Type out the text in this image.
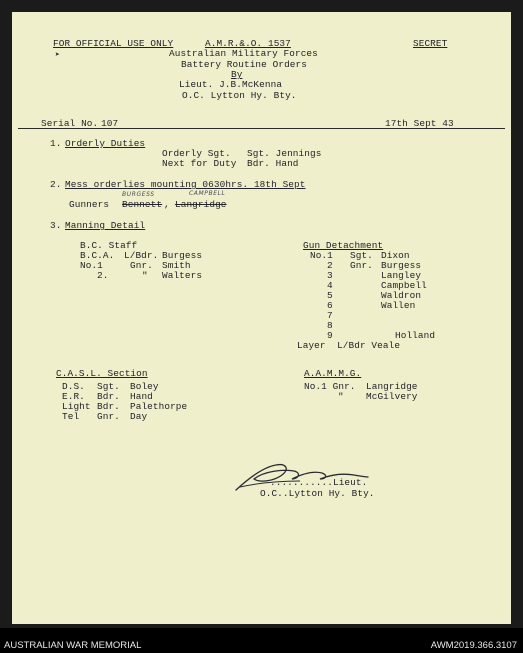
FOR OFFICIAL USE ONLY
➤
A.M.R.&.O. 1537	SECRET
Australian Military Forces
Battery Routine Orders
By
Lieut. J.B.McKenna
O.C. Lytton Hy. Bty.
Serial No. 107	17th Sept 43
1. Orderly Duties
Orderly Sgt. Sgt. Jennings
Next for Duty Bdr. Hand
2. Mess orderlies mounting 0630hrs. 18th Sept
BURGESS	CAMPBELL
Gunners Bennett , Langridge
3. Manning Detail
B.C. Staff
B.C.A. L/Bdr. Burgess
No.1	Gnr. Smith
2.	" Walters
Gun Detachment
No.1 Sgt. Dixon
2 Gnr. Burgess
3	Langley
4	Campbell
5	Waldron
6	Wallen
7
8
9	Holland
Layer  L/Bdr Veale
C.A.S.L. Section
D.S. Sgt. Boley
E.R. Bdr. Hand
Light Bdr. Palethorpe
Tel Gnr. Day
A.A.M.M.G.
No.1 Gnr. Langridge
" McGilvery
...........Lieut.
O.C..Lytton Hy. Bty.
AUSTRALIAN WAR MEMORIAL	AWM2019.366.3107
